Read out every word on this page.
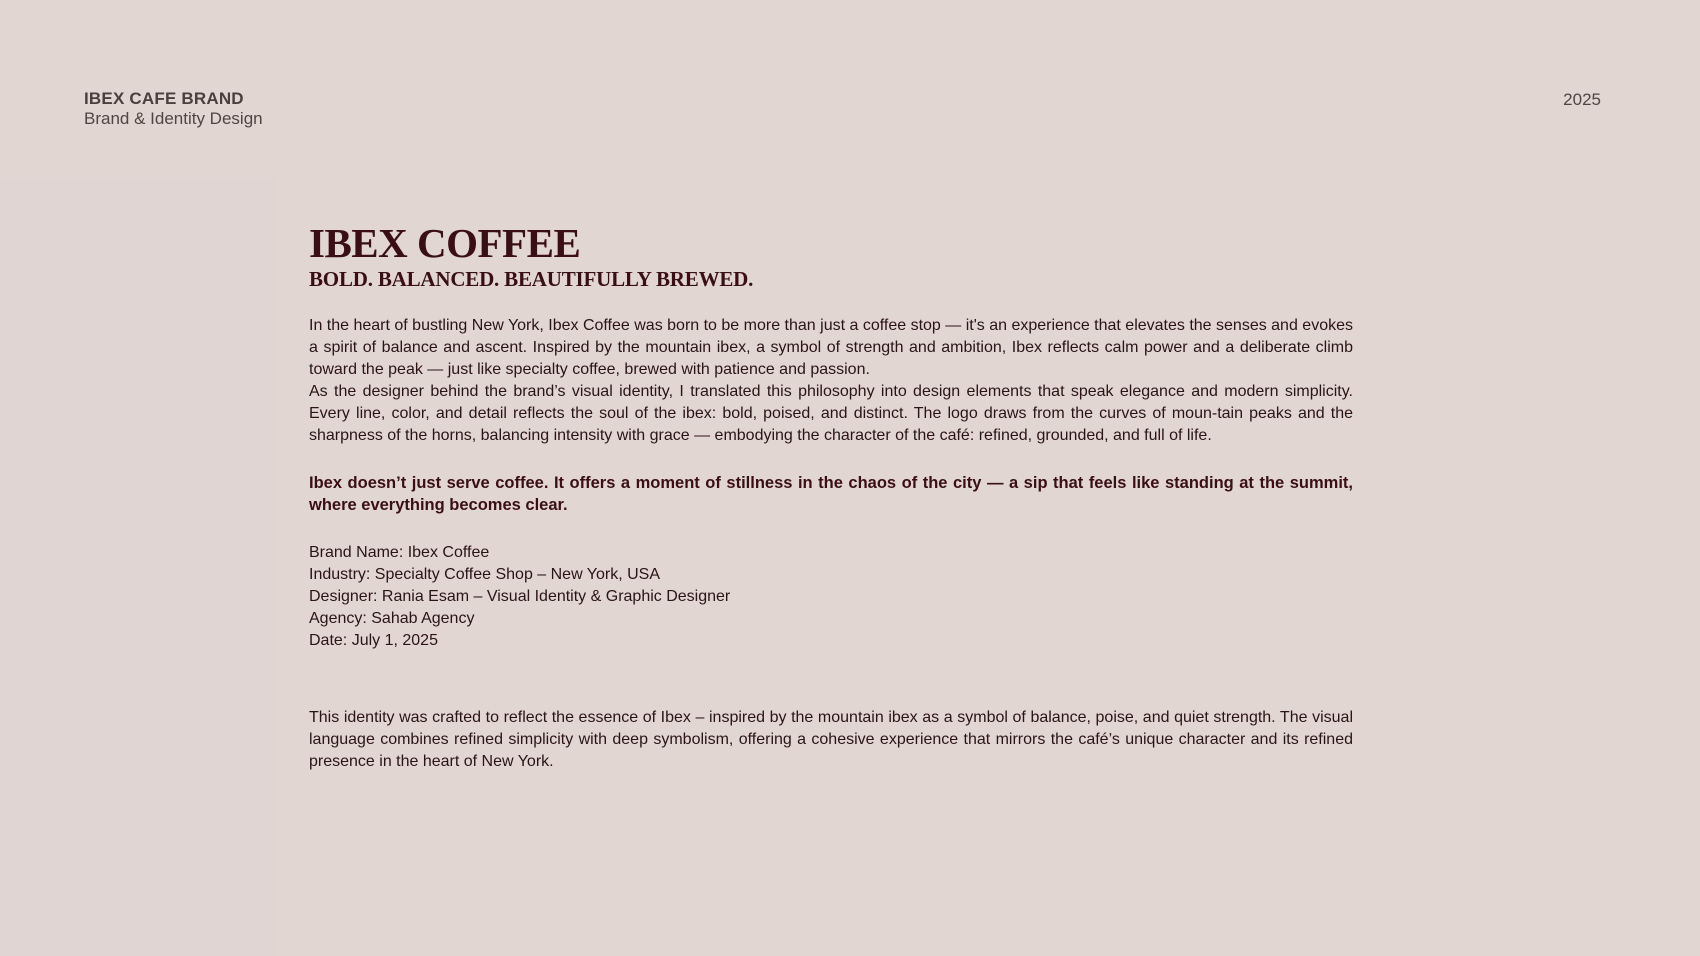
IBEX CAFE BRAND
Brand & Identity Design
2025
IBEX COFFEE
BOLD. BALANCED. BEAUTIFULLY BREWED.

In the heart of bustling New York, Ibex Coffee was born to be more than just a coffee stop — it's an experience that elevates the senses and evokes a spirit of balance and ascent. Inspired by the mountain ibex, a symbol of strength and ambition, Ibex reflects calm power and a deliberate climb toward the peak — just like specialty coffee, brewed with patience and passion.

As the designer behind the brand’s visual identity, I translated this philosophy into design elements that speak elegance and modern simplicity. Every line, color, and detail reflects the soul of the ibex: bold, poised, and distinct. The logo draws from the curves of moun-tain peaks and the sharpness of the horns, balancing intensity with grace — embodying the character of the café: refined, grounded, and full of life.

Ibex doesn’t just serve coffee. It offers a moment of stillness in the chaos of the city — a sip that feels like standing at the summit, where everything becomes clear.

Brand Name: Ibex Coffee
Industry: Specialty Coffee Shop – New York, USA
Designer: Rania Esam – Visual Identity & Graphic Designer
Agency: Sahab Agency
Date: July 1, 2025

This identity was crafted to reflect the essence of Ibex – inspired by the mountain ibex as a symbol of balance, poise, and quiet strength. The visual language combines refined simplicity with deep symbolism, offering a cohesive experience that mirrors the café’s unique character and its refined presence in the heart of New York.
